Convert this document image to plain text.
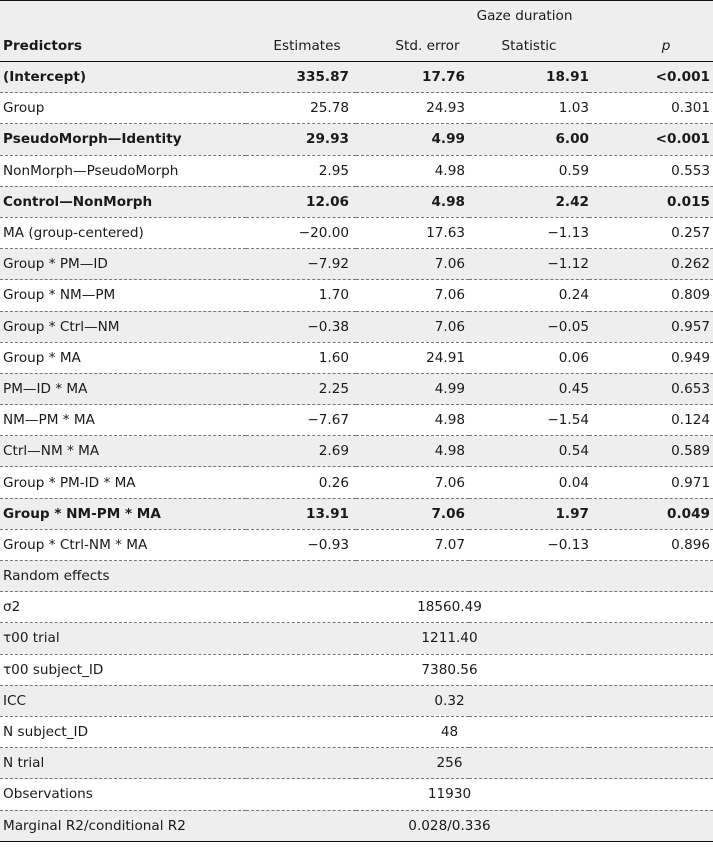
	Gaze duration			
Predictors	Estimates	Std. error	Statistic	p
(Intercept)	335.87	17.76	18.91	<0.001
Group	25.78	24.93	1.03	0.301
PseudoMorph—Identity	29.93	4.99	6.00	<0.001
NonMorph—PseudoMorph	2.95	4.98	0.59	0.553
Control—NonMorph	12.06	4.98	2.42	0.015
MA (group-centered)	−20.00	17.63	−1.13	0.257
Group * PM—ID	−7.92	7.06	−1.12	0.262
Group * NM—PM	1.70	7.06	0.24	0.809
Group * Ctrl—NM	−0.38	7.06	−0.05	0.957
Group * MA	1.60	24.91	0.06	0.949
PM—ID * MA	2.25	4.99	0.45	0.653
NM—PM * MA	−7.67	4.98	−1.54	0.124
Ctrl—NM * MA	2.69	4.98	0.54	0.589
Group * PM-ID * MA	0.26	7.06	0.04	0.971
Group * NM-PM * MA	13.91	7.06	1.97	0.049
Group * Ctrl-NM * MA	−0.93	7.07	−0.13	0.896
Random effects				
σ2	18560.49			
τ00 trial	1211.40			
τ00 subject_ID	7380.56			
ICC	0.32			
N subject_ID	48			
N trial	256			
Observations	11930			
Marginal R2/conditional R2	0.028/0.336			
